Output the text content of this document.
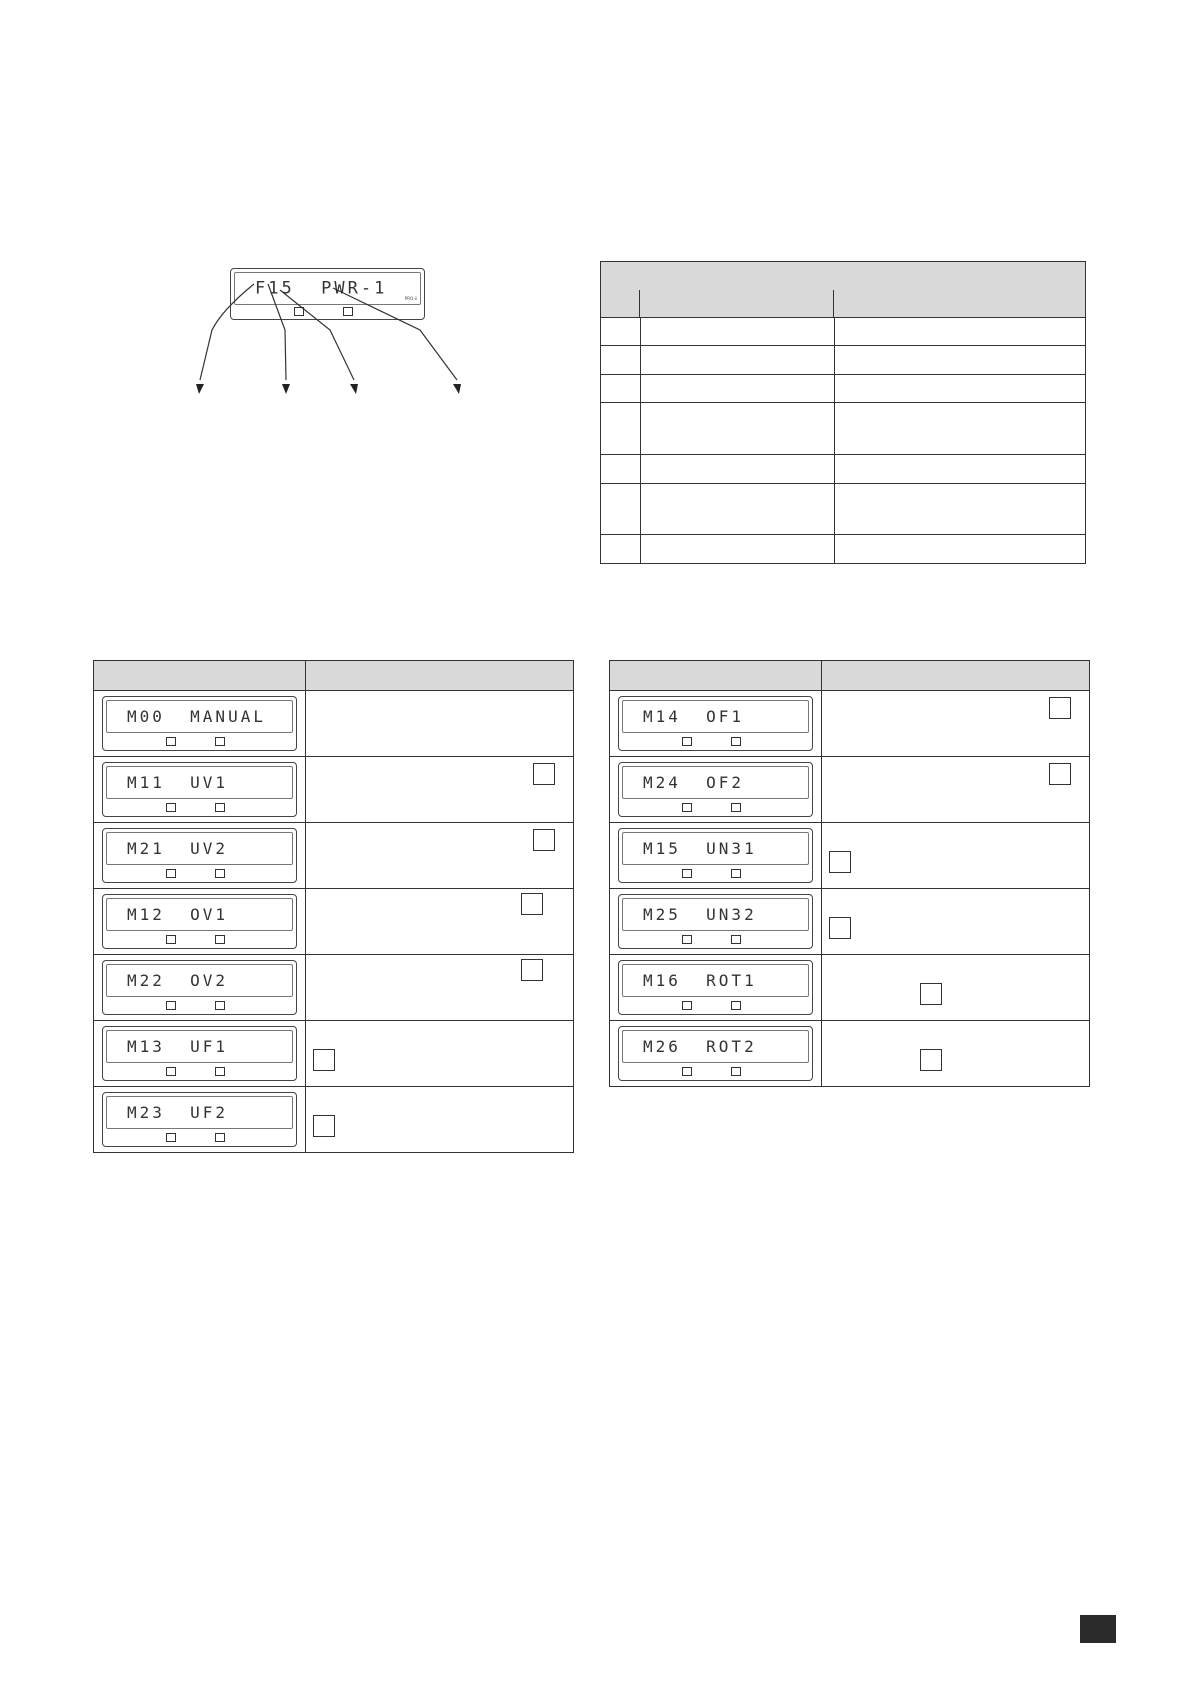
F15  PWR-1
PRO-ii

M00  MANUAL	

M11  UV1	

M21  UV2	

M12  OV1	

M22  OV2	

M13  UF1	

M23  UF2	

M14  OF1	

M24  OF2	

M15  UN31	

M25  UN32	

M16  ROT1	

M26  ROT2	
